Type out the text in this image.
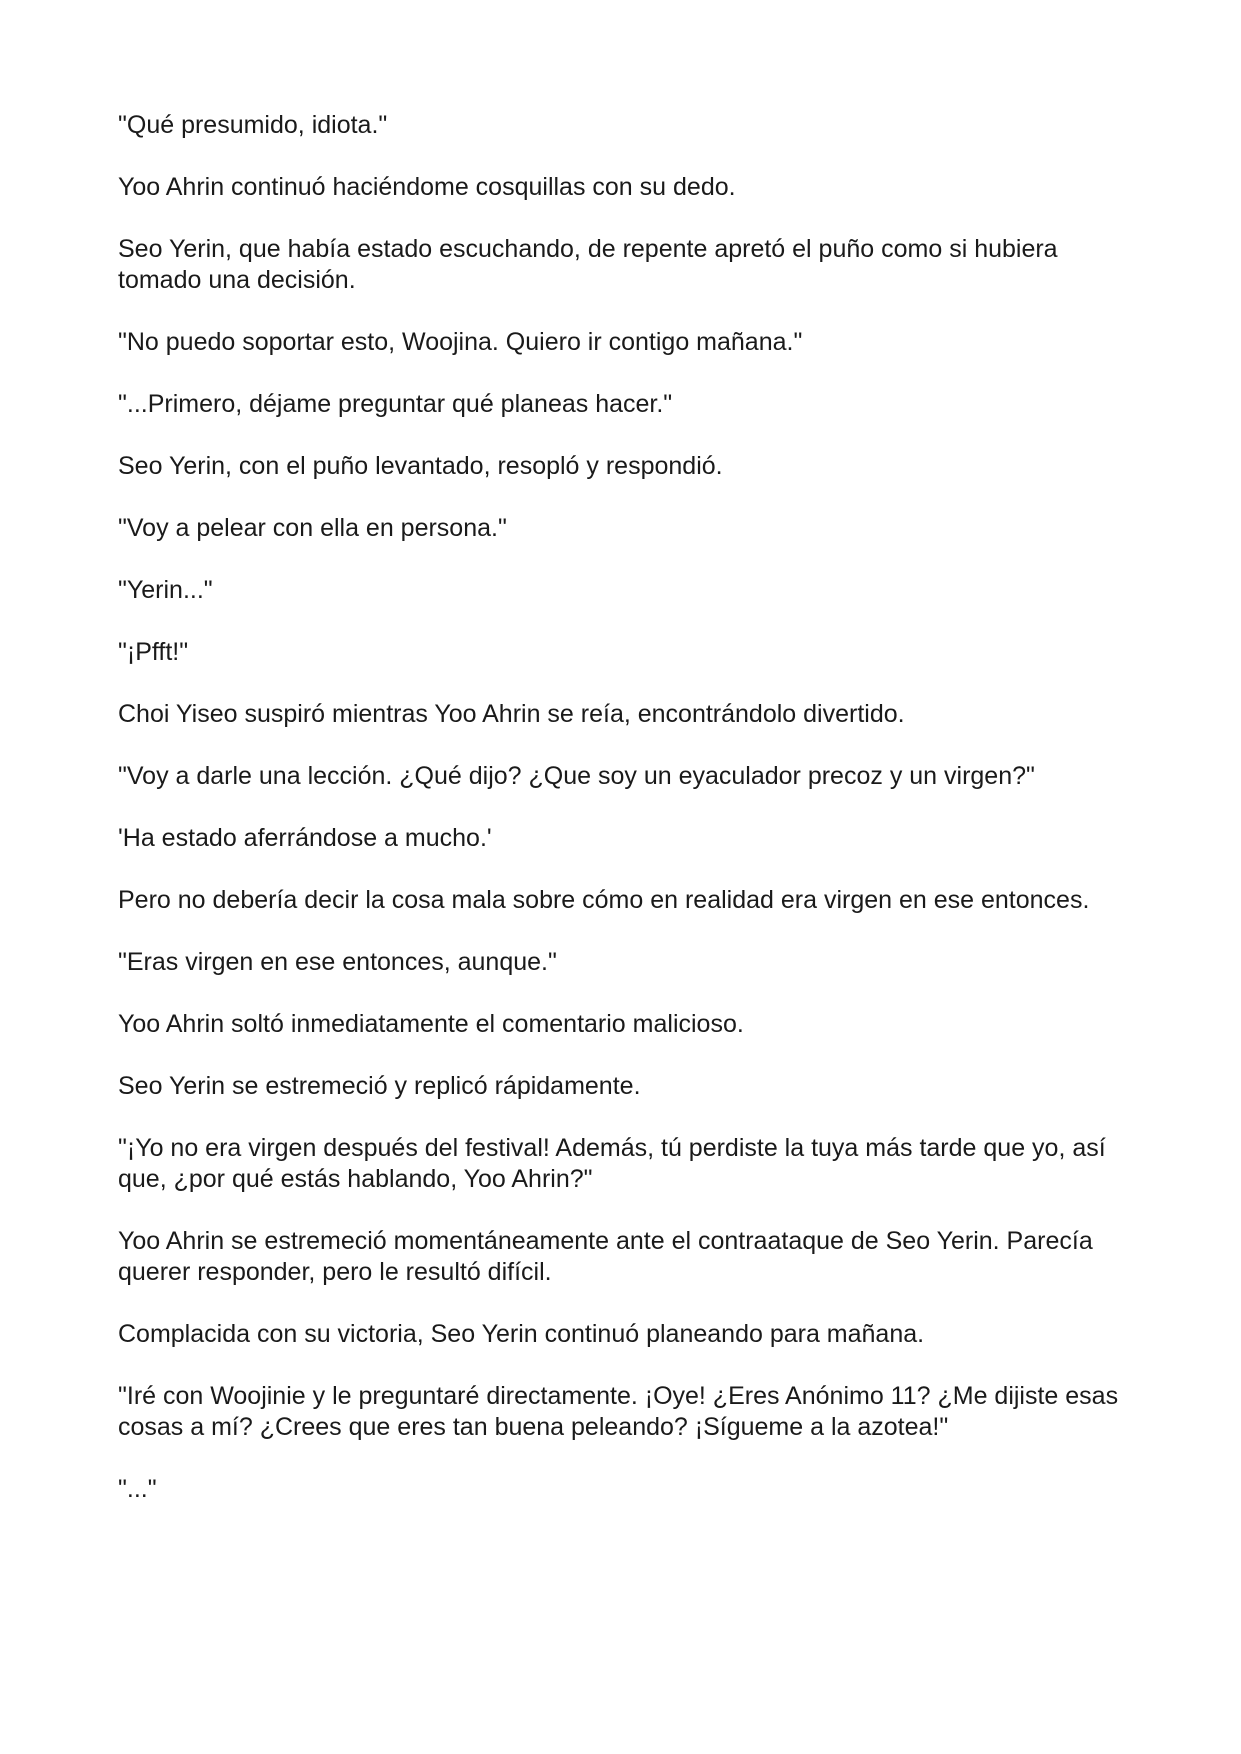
"Qué presumido, idiota."

Yoo Ahrin continuó haciéndome cosquillas con su dedo.

Seo Yerin, que había estado escuchando, de repente apretó el puño como si hubiera tomado una decisión.

"No puedo soportar esto, Woojina. Quiero ir contigo mañana."

"...Primero, déjame preguntar qué planeas hacer."

Seo Yerin, con el puño levantado, resopló y respondió.

"Voy a pelear con ella en persona."

"Yerin..."

"¡Pfft!"

Choi Yiseo suspiró mientras Yoo Ahrin se reía, encontrándolo divertido.

"Voy a darle una lección. ¿Qué dijo? ¿Que soy un eyaculador precoz y un virgen?"

'Ha estado aferrándose a mucho.'

Pero no debería decir la cosa mala sobre cómo en realidad era virgen en ese entonces.

"Eras virgen en ese entonces, aunque."

Yoo Ahrin soltó inmediatamente el comentario malicioso.

Seo Yerin se estremeció y replicó rápidamente.

"¡Yo no era virgen después del festival! Además, tú perdiste la tuya más tarde que yo, así que, ¿por qué estás hablando, Yoo Ahrin?"

Yoo Ahrin se estremeció momentáneamente ante el contraataque de Seo Yerin. Parecía querer responder, pero le resultó difícil.

Complacida con su victoria, Seo Yerin continuó planeando para mañana.

"Iré con Woojinie y le preguntaré directamente. ¡Oye! ¿Eres Anónimo 11? ¿Me dijiste esas cosas a mí? ¿Crees que eres tan buena peleando? ¡Sígueme a la azotea!"

"..."
